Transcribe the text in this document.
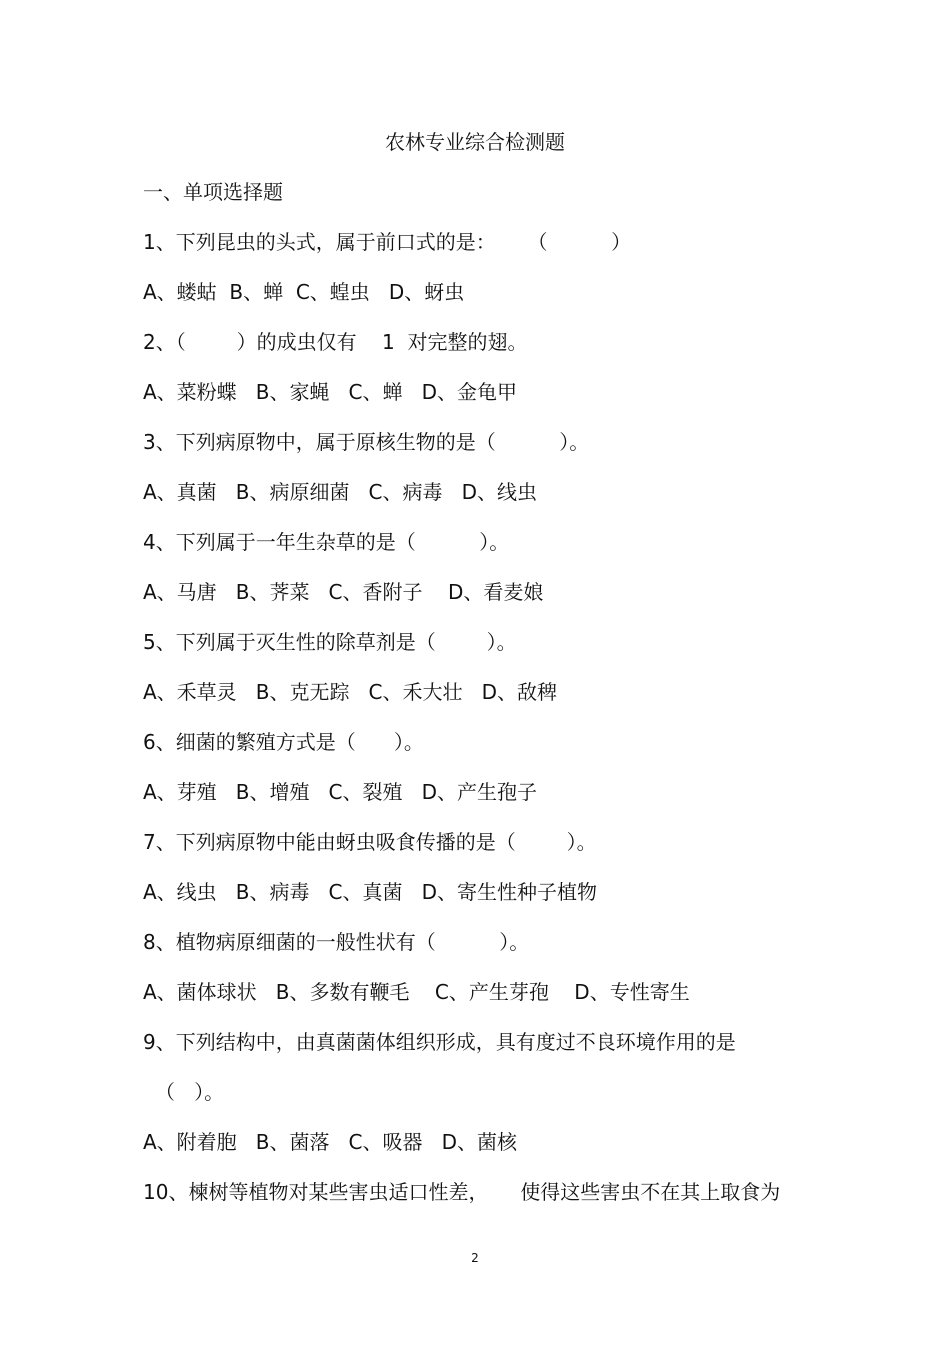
农林专业综合检测题
一、单项选择题
1、下列昆虫的头式，属于前口式的是：     （          ）
A、蝼蛄  B、蝉  C、蝗虫   D、蚜虫
2、（        ）的成虫仅有    1  对完整的翅。
A、菜粉蝶   B、家蝇   C、蝉   D、金龟甲
3、下列病原物中，属于原核生物的是（          ）。
A、真菌   B、病原细菌   C、病毒   D、线虫
4、下列属于一年生杂草的是（          ）。
A、马唐   B、荠菜   C、香附子    D、看麦娘
5、下列属于灭生性的除草剂是（        ）。
A、禾草灵   B、克无踪   C、禾大壮   D、敌稗
6、细菌的繁殖方式是（      ）。
A、芽殖   B、增殖   C、裂殖   D、产生孢子
7、下列病原物中能由蚜虫吸食传播的是（        ）。
A、线虫   B、病毒   C、真菌   D、寄生性种子植物
8、植物病原细菌的一般性状有（          ）。
A、菌体球状   B、多数有鞭毛    C、产生芽孢    D、专性寄生
9、下列结构中，由真菌菌体组织形成，具有度过不良环境作用的是
（   ）。
A、附着胞   B、菌落   C、吸器   D、菌核
10、楝树等植物对某些害虫适口性差，     使得这些害虫不在其上取食为
2
